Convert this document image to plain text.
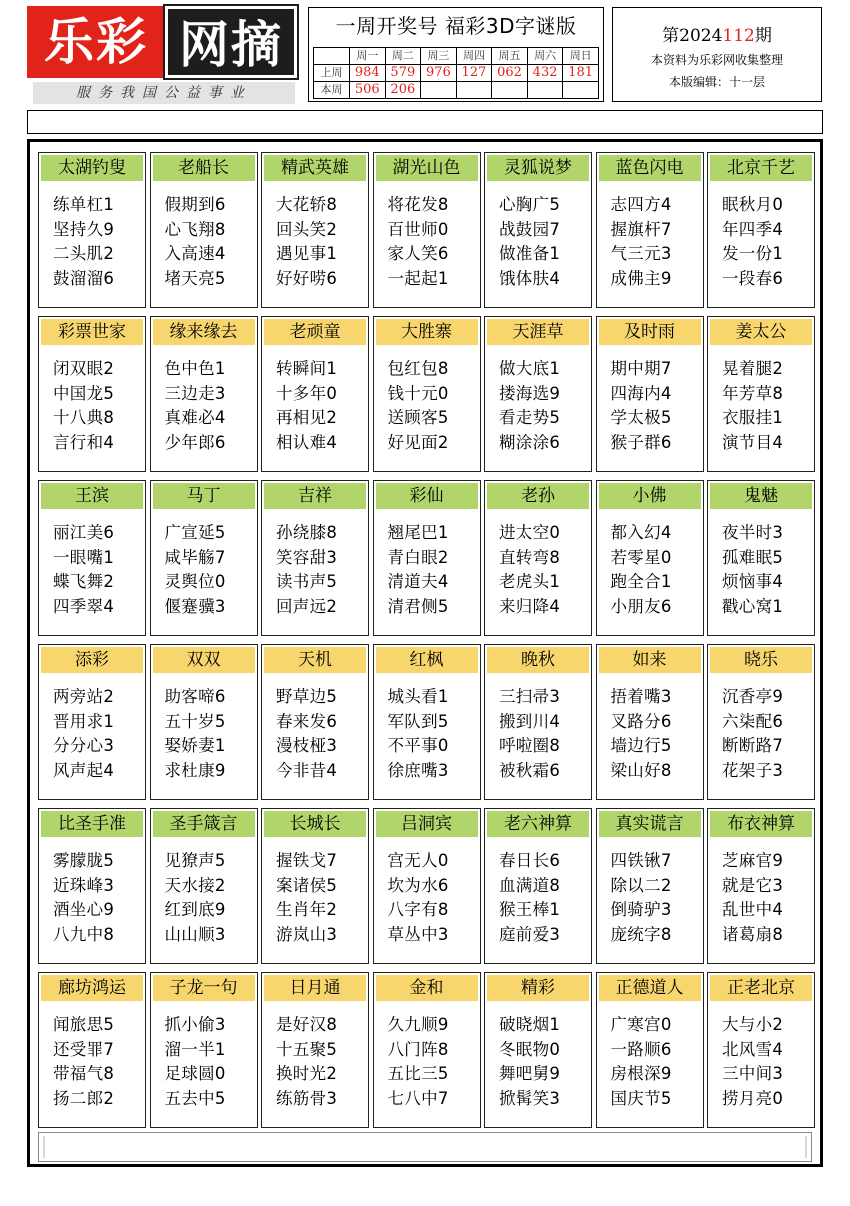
乐彩 网摘
服务我国公益事业
一周开奖号 福彩3D字谜版
	周一	周二	周三	周四	周五	周六	周日
上周	984	579	976	127	062	432	181
本周	506	206					
第2024112期
本资料为乐彩网收集整理
本版编辑：十一层
太湖钓叟
练单杠1
坚持久9
二头肌2
鼓溜溜6
老船长
假期到6
心飞翔8
入高速4
堵天亮5
精武英雄
大花轿8
回头笑2
遇见事1
好好唠6
湖光山色
将花发8
百世师0
家人笑6
一起起1
灵狐说梦
心胸广5
战鼓园7
做准备1
饿体肤4
蓝色闪电
志四方4
握旗杆7
气三元3
成佛主9
北京千艺
眠秋月0
年四季4
发一份1
一段春6
彩票世家
闭双眼2
中国龙5
十八典8
言行和4
缘来缘去
色中色1
三边走3
真难必4
少年郎6
老顽童
转瞬间1
十多年0
再相见2
相认难4
大胜寨
包红包8
钱十元0
送顾客5
好见面2
天涯草
做大底1
搂海选9
看走势5
糊涂涂6
及时雨
期中期7
四海内4
学太极5
猴子群6
姜太公
晃着腿2
年芳草8
衣服挂1
演节目4
王滨
丽江美6
一眼嘴1
蝶飞舞2
四季翠4
马丁
广宣延5
咸毕觞7
灵舆位0
偃蹇骥3
吉祥
孙绕膝8
笑容甜3
读书声5
回声远2
彩仙
翘尾巴1
青白眼2
清道夫4
清君侧5
老孙
进太空0
直转弯8
老虎头1
来归降4
小佛
都入幻4
若零星0
跑全合1
小朋友6
鬼魅
夜半时3
孤难眠5
烦恼事4
戳心窝1
添彩
两旁站2
晋用求1
分分心3
风声起4
双双
助客啼6
五十岁5
娶娇妻1
求杜康9
天机
野草边5
春来发6
漫枝桠3
今非昔4
红枫
城头看1
军队到5
不平事0
徐庶嘴3
晚秋
三扫帚3
搬到川4
呼啦圈8
被秋霜6
如来
捂着嘴3
叉路分6
墙边行5
梁山好8
晓乐
沉香亭9
六柒配6
断断路7
花架子3
比圣手准
雾朦胧5
近珠峰3
酒坐心9
八九中8
圣手箴言
见獠声5
天水接2
红到底9
山山顺3
长城长
握铁戈7
案诸侯5
生肖年2
游岚山3
吕洞宾
宫无人0
坎为水6
八字有8
草丛中3
老六神算
春日长6
血满道8
猴王棒1
庭前爱3
真实谎言
四铁锹7
除以二2
倒骑驴3
庞统字8
布衣神算
芝麻官9
就是它3
乱世中4
诸葛扇8
廊坊鸿运
闻旅思5
还受罪7
带福气8
扬二郎2
子龙一句
抓小偷3
溜一半1
足球圆0
五去中5
日月通
是好汉8
十五聚5
换时光2
练筋骨3
金和
久九顺9
八门阵8
五比三5
七八中7
精彩
破晓烟1
冬眠物0
舞吧舅9
掀髯笑3
正德道人
广寒宫0
一路顺6
房根深9
国庆节5
正老北京
大与小2
北风雪4
三中间3
捞月亮0
